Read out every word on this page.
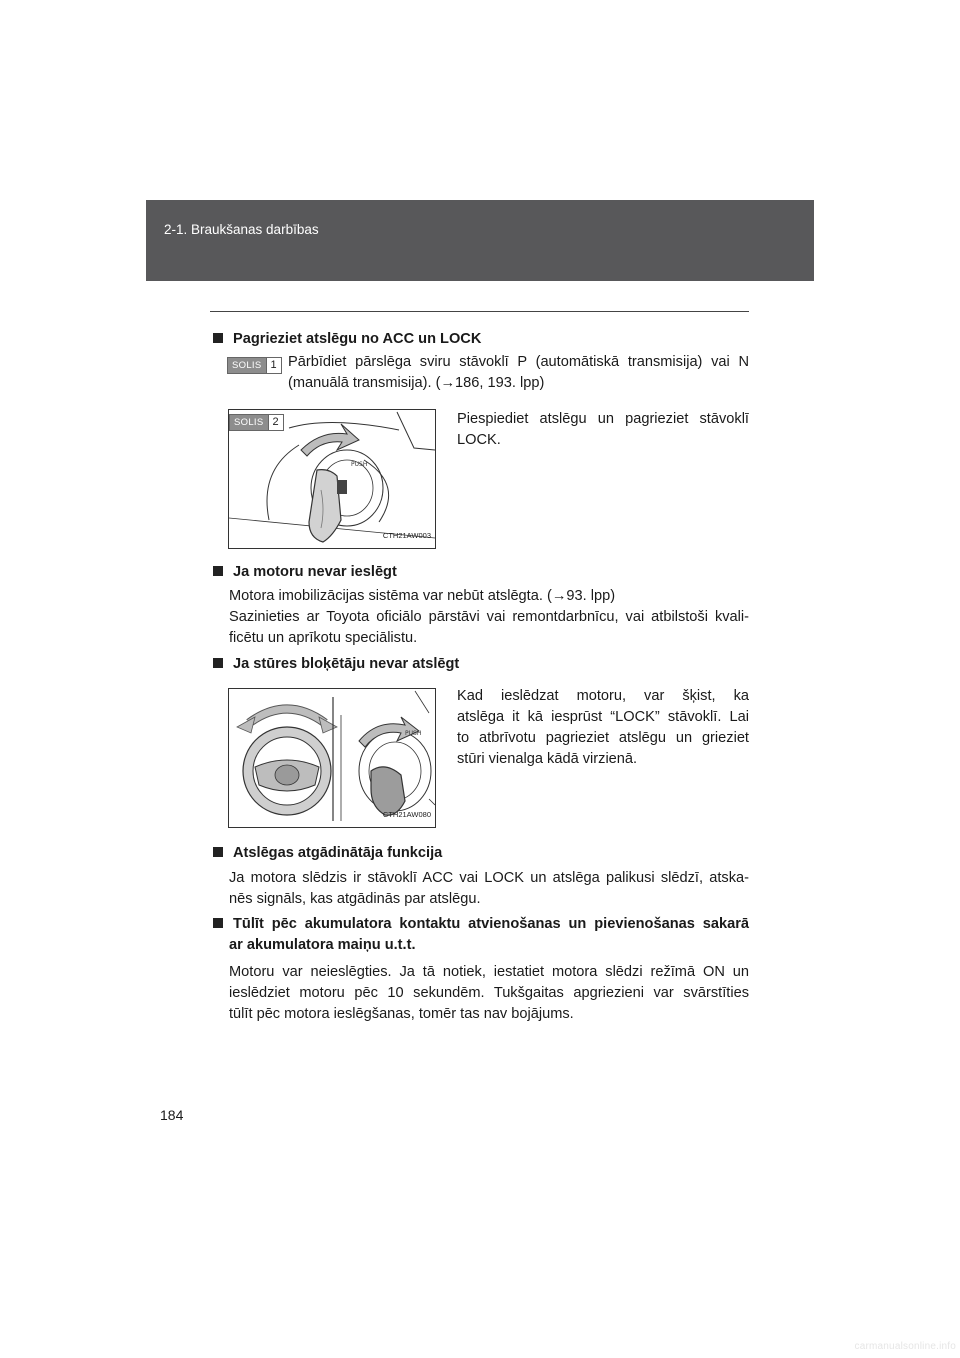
2-1. Braukšanas darbības
Pagrieziet atslēgu no ACC un LOCK
SOLIS 1 Pārbīdiet pārslēga sviru stāvoklī P (automātiskā transmisija) vai N
(manuālā transmisija). (→186, 193. lpp)
PUSH
SOLIS 2
CTH21AW003
Piespiediet atslēgu un pagrieziet stāvoklī
LOCK.
Ja motoru nevar ieslēgt
Motora imobilizācijas sistēma var nebūt atslēgta. (→93. lpp)
Sazinieties ar Toyota oficiālo pārstāvi vai remontdarbnīcu, vai atbilstoši kvali-
ficētu un aprīkotu speciālistu.
Ja stūres bloķētāju nevar atslēgt
PUSH
CTH21AW080
Kad ieslēdzat motoru, var šķist, ka
atslēga it kā iesprūst “LOCK” stāvoklī. Lai
to atbrīvotu pagrieziet atslēgu un grieziet
stūri vienalga kādā virzienā.
Atslēgas atgādinātāja funkcija
Ja motora slēdzis ir stāvoklī ACC vai LOCK un atslēga palikusi slēdzī, atska-
nēs signāls, kas atgādinās par atslēgu.
Tūlīt pēc akumulatora kontaktu atvienošanas un pievienošanas sakarā
ar akumulatora maiņu u.t.t.
Motoru var neieslēgties. Ja tā notiek, iestatiet motora slēdzi režīmā ON un
ieslēdziet motoru pēc 10 sekundēm. Tukšgaitas apgriezieni var svārstīties
tūlīt pēc motora ieslēgšanas, tomēr tas nav bojājums.
184
carmanualsonline.info
